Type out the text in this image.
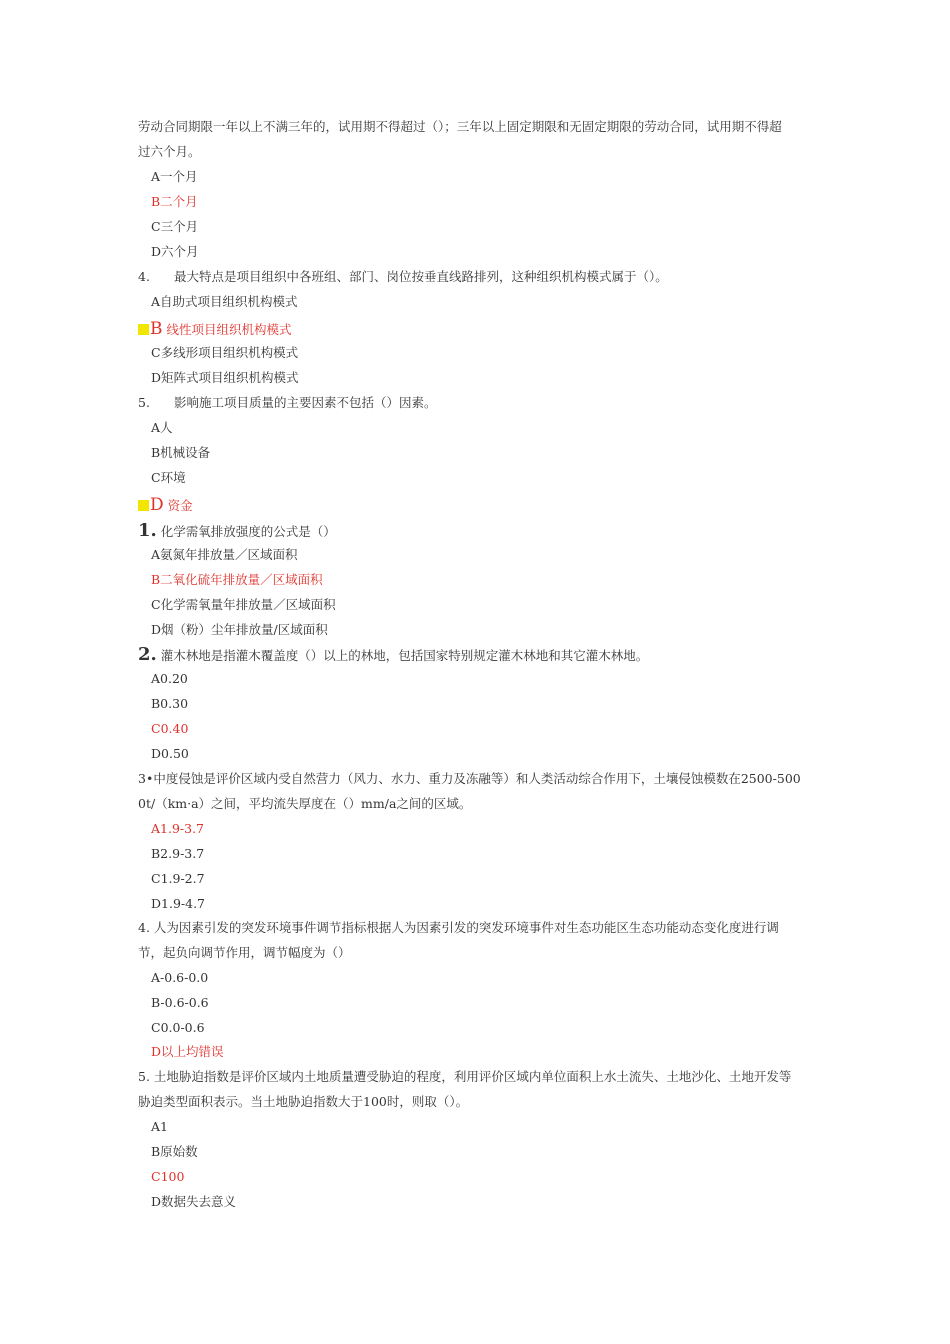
劳动合同期限一年以上不满三年的，试用期不得超过（）；三年以上固定期限和无固定期限的劳动合同，试用期不得超
过六个月。
A一个月
B二个月
C三个月
D六个月
4. 最大特点是项目组织中各班组、部门、岗位按垂直线路排列，这种组织机构模式属于（）。
A自助式项目组织机构模式
B 线性项目组织机构模式
C多线形项目组织机构模式
D矩阵式项目组织机构模式
5. 影响施工项目质量的主要因素不包括（）因素。
A人
B机械设备
C环境
D 资金
1. 化学需氧排放强度的公式是（）
A氨氮年排放量／区域面积
B二氧化硫年排放量／区域面积
C化学需氧量年排放量／区域面积
D烟（粉）尘年排放量/区域面积
2. 灌木林地是指灌木覆盖度（）以上的林地，包括国家特别规定灌木林地和其它灌木林地。
A0.20
B0.30
C0.40
D0.50
3•中度侵蚀是评价区域内受自然营力（风力、水力、重力及冻融等）和人类活动综合作用下，土壤侵蚀模数在2500-500
0t/（km·a）之间，平均流失厚度在（）mm/a之间的区域。
A1.9-3.7
B2.9-3.7
C1.9-2.7
D1.9-4.7
4. 人为因素引发的突发环境事件调节指标根据人为因素引发的突发环境事件对生态功能区生态功能动态变化度进行调
节，起负向调节作用，调节幅度为（）
A-0.6-0.0
B-0.6-0.6
C0.0-0.6
D以上均错误
5. 土地胁迫指数是评价区域内土地质量遭受胁迫的程度，利用评价区域内单位面积上水土流失、土地沙化、土地开发等
胁迫类型面积表示。当土地胁迫指数大于100时，则取（）。
A1
B原始数
C100
D数据失去意义
